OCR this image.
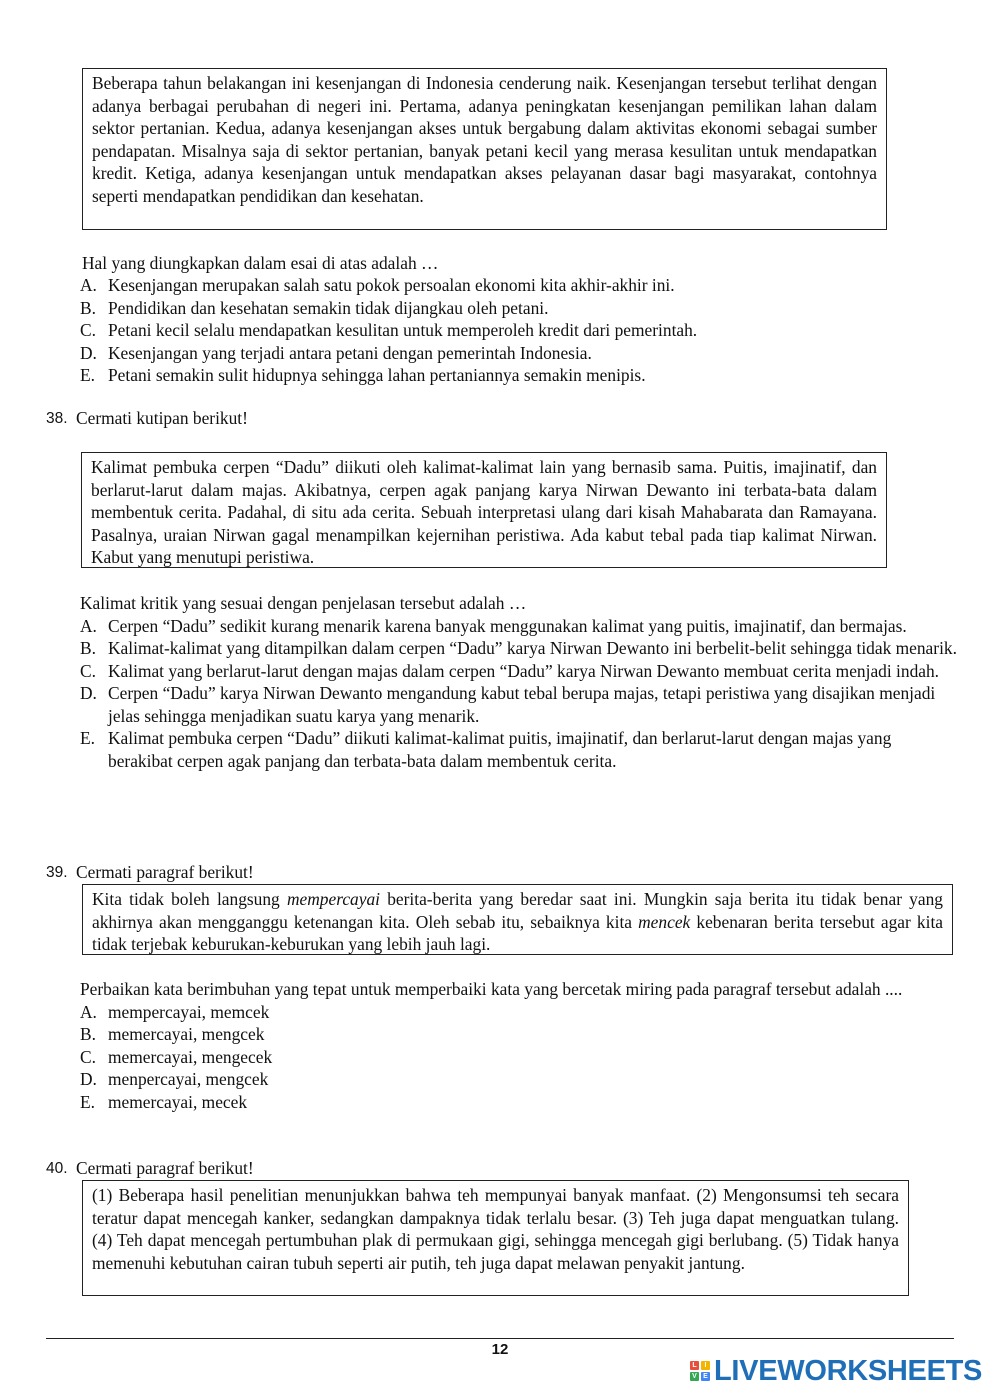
Beberapa tahun belakangan ini kesenjangan di Indonesia cenderung naik. Kesenjangan tersebut terlihat dengan adanya berbagai perubahan di negeri ini. Pertama, adanya peningkatan kesenjangan pemilikan lahan dalam sektor pertanian. Kedua, adanya kesenjangan akses untuk bergabung dalam aktivitas ekonomi sebagai sumber pendapatan. Misalnya saja di sektor pertanian, banyak petani kecil yang merasa kesulitan untuk mendapatkan kredit. Ketiga, adanya kesenjangan untuk mendapatkan akses pelayanan dasar bagi masyarakat, contohnya seperti mendapatkan pendidikan dan kesehatan.

Hal yang diungkapkan dalam esai di atas adalah …

A. Kesenjangan merupakan salah satu pokok persoalan ekonomi kita akhir-akhir ini.
B. Pendidikan dan kesehatan semakin tidak dijangkau oleh petani.
C. Petani kecil selalu mendapatkan kesulitan untuk memperoleh kredit dari pemerintah.
D. Kesenjangan yang terjadi antara petani dengan pemerintah Indonesia.
E. Petani semakin sulit hidupnya sehingga lahan pertaniannya semakin menipis.
38. Cermati kutipan berikut!

Kalimat pembuka cerpen “Dadu” diikuti oleh kalimat-kalimat lain yang bernasib sama. Puitis, imajinatif, dan berlarut-larut dalam majas. Akibatnya, cerpen agak panjang karya Nirwan Dewanto ini terbata-bata dalam membentuk cerita. Padahal, di situ ada cerita. Sebuah interpretasi ulang dari kisah Mahabarata dan Ramayana. Pasalnya, uraian Nirwan gagal menampilkan kejernihan peristiwa. Ada kabut tebal pada tiap kalimat Nirwan. Kabut yang menutupi peristiwa.

Kalimat kritik yang sesuai dengan penjelasan tersebut adalah …

A. Cerpen “Dadu” sedikit kurang menarik karena banyak menggunakan kalimat yang puitis, imajinatif, dan bermajas.
B. Kalimat-kalimat yang ditampilkan dalam cerpen “Dadu” karya Nirwan Dewanto ini berbelit-belit sehingga tidak menarik.
C. Kalimat yang berlarut-larut dengan majas dalam cerpen “Dadu” karya Nirwan Dewanto membuat cerita menjadi indah.
D. Cerpen “Dadu” karya Nirwan Dewanto mengandung kabut tebal berupa majas, tetapi peristiwa yang disajikan menjadi jelas sehingga menjadikan suatu karya yang menarik.
E. Kalimat pembuka cerpen “Dadu” diikuti kalimat-kalimat puitis, imajinatif, dan berlarut-larut dengan majas yang berakibat cerpen agak panjang dan terbata-bata dalam membentuk cerita.
39. Cermati paragraf berikut!

Kita tidak boleh langsung mempercayai berita-berita yang beredar saat ini. Mungkin saja berita itu tidak benar yang akhirnya akan mengganggu ketenangan kita. Oleh sebab itu, sebaiknya kita mencek kebenaran berita tersebut agar kita tidak terjebak keburukan-keburukan yang lebih jauh lagi.

Perbaikan kata berimbuhan yang tepat untuk memperbaiki kata yang bercetak miring pada paragraf tersebut adalah ....

A. mempercayai, memcek
B. memercayai, mengcek
C. memercayai, mengecek
D. menpercayai, mengcek
E. memercayai, mecek
40. Cermati paragraf berikut!

(1) Beberapa hasil penelitian menunjukkan bahwa teh mempunyai banyak manfaat. (2) Mengonsumsi teh secara teratur dapat mencegah kanker, sedangkan dampaknya tidak terlalu besar. (3) Teh juga dapat menguatkan tulang. (4) Teh dapat mencegah pertumbuhan plak di permukaan gigi, sehingga mencegah gigi berlubang. (5) Tidak hanya memenuhi kebutuhan cairan tubuh seperti air putih, teh juga dapat melawan penyakit jantung.

12
L	I
V E LIVEWORKSHEETS
